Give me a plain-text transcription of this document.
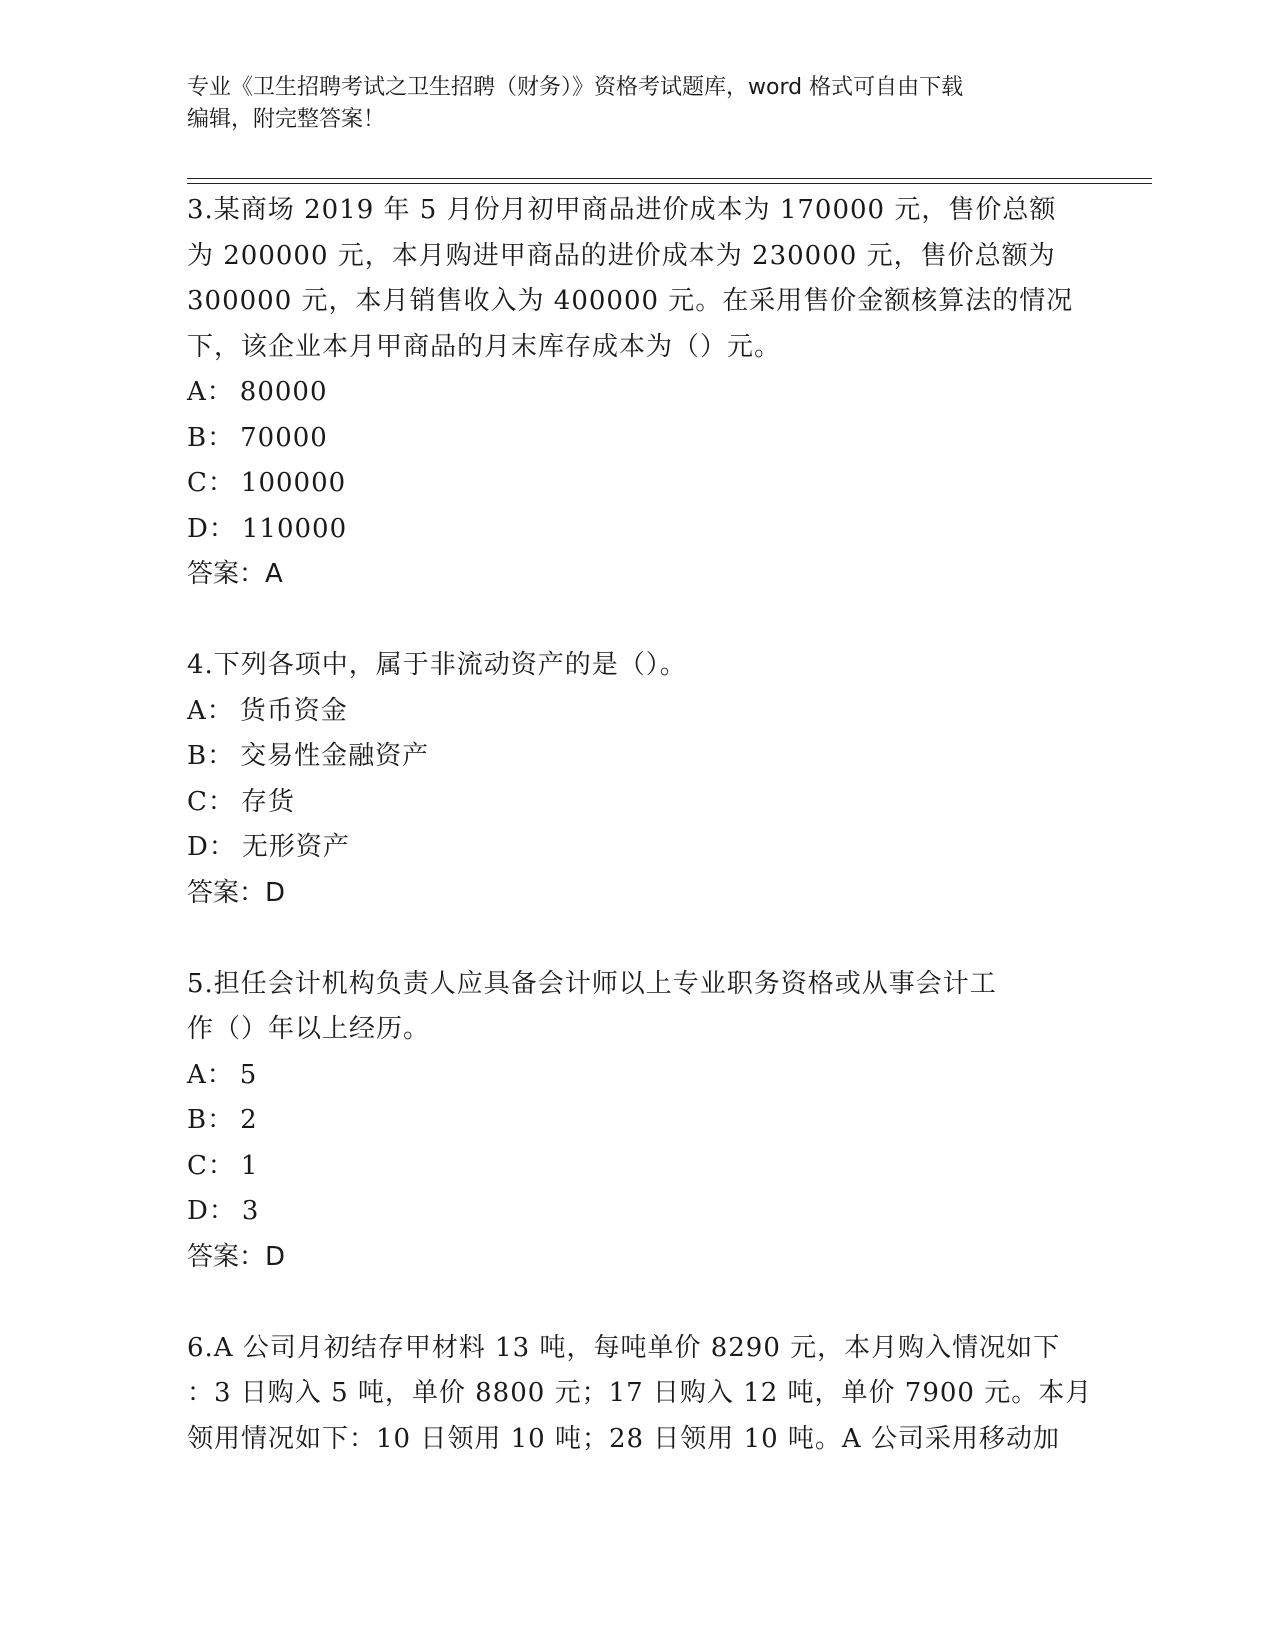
专业《卫生招聘考试之卫生招聘（财务）》资格考试题库，word 格式可自由下载
编辑，附完整答案！
3.某商场 2019 年 5 月份月初甲商品进价成本为 170000 元，售价总额
为 200000 元，本月购进甲商品的进价成本为 230000 元，售价总额为
300000 元，本月销售收入为 400000 元。在采用售价金额核算法的情况
下，该企业本月甲商品的月末库存成本为（）元。
A： 80000
B： 70000
C： 100000
D： 110000
答案：A
4.下列各项中，属于非流动资产的是（）。
A： 货币资金
B： 交易性金融资产
C： 存货
D： 无形资产
答案：D
5.担任会计机构负责人应具备会计师以上专业职务资格或从事会计工
作（）年以上经历。
A： 5
B： 2
C： 1
D： 3
答案：D
6.A 公司月初结存甲材料 13 吨，每吨单价 8290 元，本月购入情况如下
：3 日购入 5 吨，单价 8800 元；17 日购入 12 吨，单价 7900 元。本月
领用情况如下：10 日领用 10 吨；28 日领用 10 吨。A 公司采用移动加
